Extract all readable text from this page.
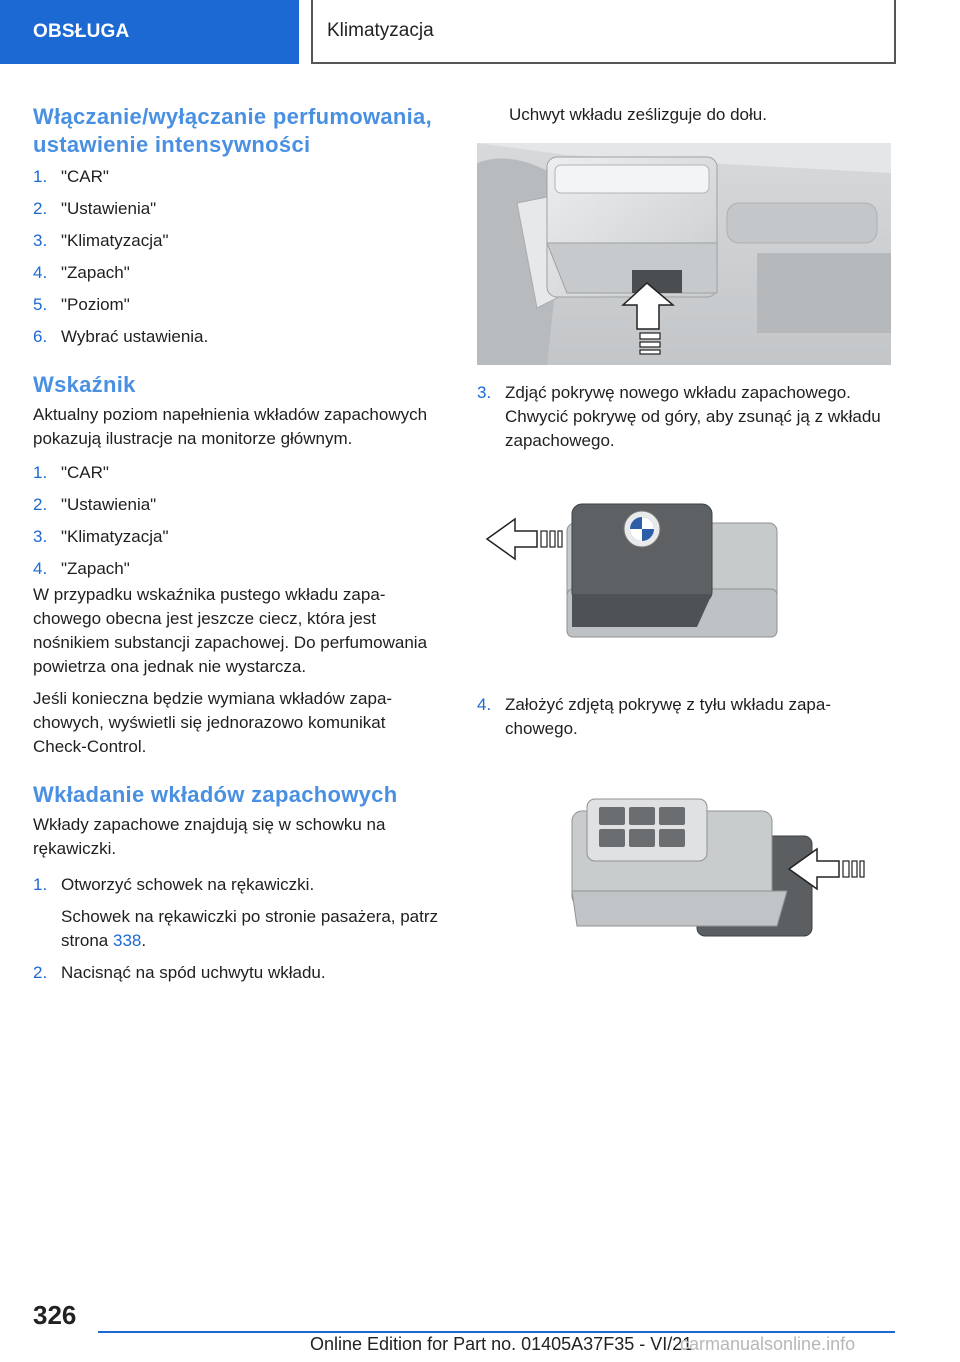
OBSŁUGA	Klimatyzacja
Włączanie/wyłączanie perfumowania, ustawienie intensywności
1. "CAR"
2. "Ustawienia"
3. "Klimatyzacja"
4. "Zapach"
5. "Poziom"
6. Wybrać ustawienia.
Wskaźnik

Aktualny poziom napełnienia wkładów zapachowych pokazują ilustracje na monitorze głównym.

1. "CAR"
2. "Ustawienia"
3. "Klimatyzacja"
4. "Zapach"

W przypadku wskaźnika pustego wkładu zapachowego obecna jest jeszcze ciecz, która jest nośnikiem substancji zapachowej. Do perfumowania powietrza ona jednak nie wystarcza.

Jeśli konieczna będzie wymiana wkładów zapachowych, wyświetli się jednorazowo komunikat Check-Control.

Wkładanie wkładów zapachowych

Wkłady zapachowe znajdują się w schowku na rękawiczki.

1. Otworzyć schowek na rękawiczki.
Schowek na rękawiczki po stronie pasażera, patrz strona 338.
2. Nacisnąć na spód uchwytu wkładu.

Uchwyt wkładu ześlizguje do dołu.

3. Zdjąć pokrywę nowego wkładu zapachowego. Chwycić pokrywę od góry, aby zsunąć ją z wkładu zapachowego.
4. Założyć zdjętą pokrywę z tyłu wkładu zapachowego.
326
Online Edition for Part no. 01405A37F35 - VI/21
carmanualsonline.info
